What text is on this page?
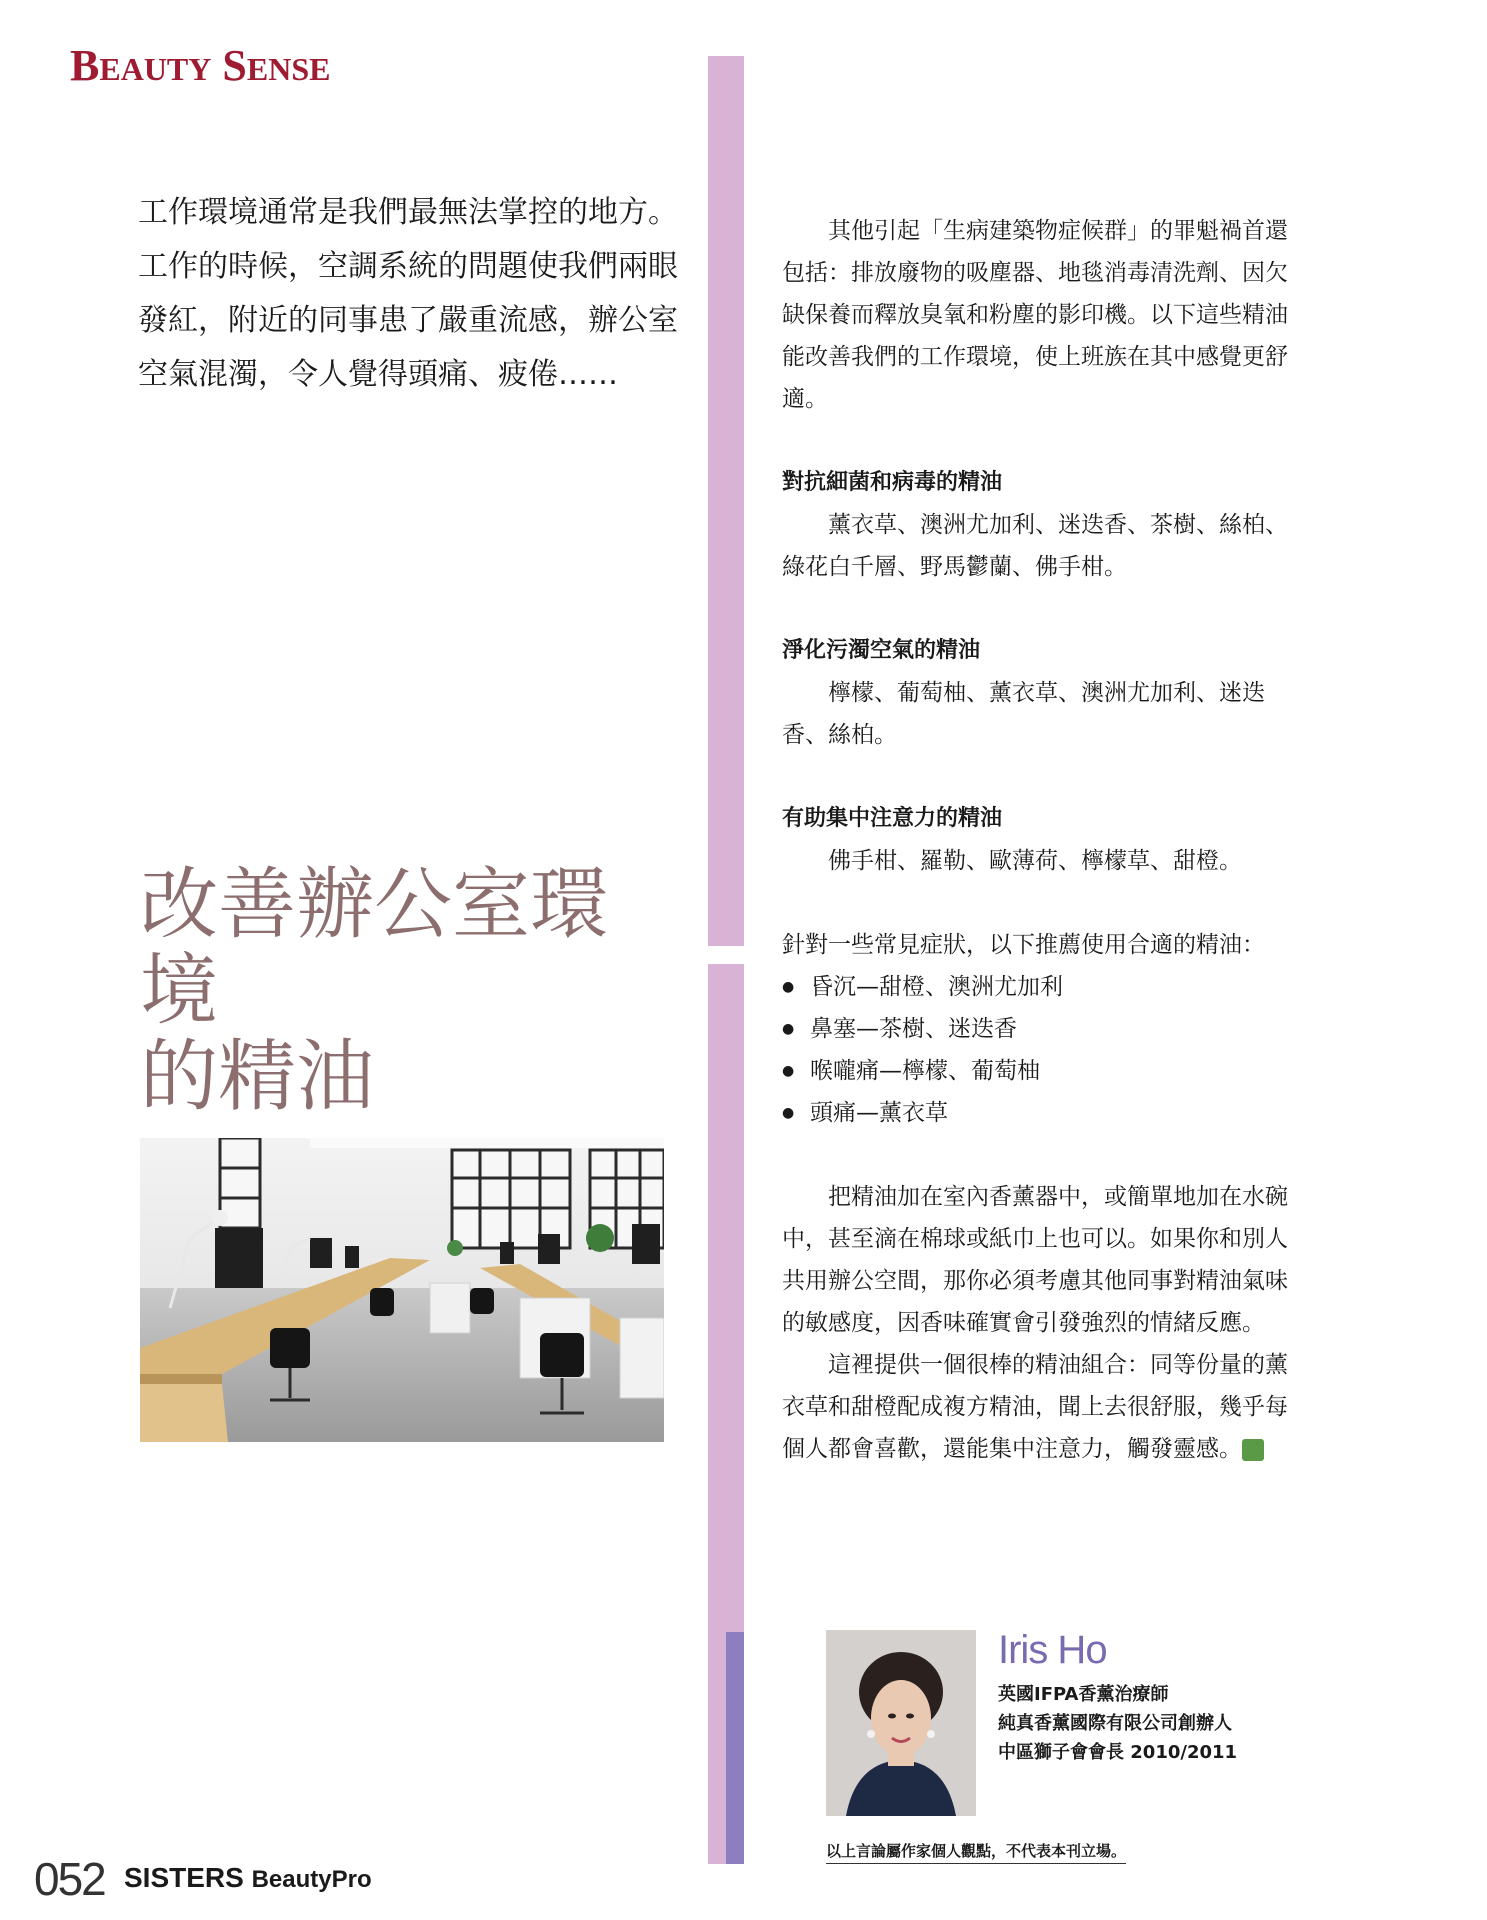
BEAUTY SENSE

工作環境通常是我們最無法掌控的地方。工作的時候，空調系統的問題使我們兩眼發紅，附近的同事患了嚴重流感，辦公室空氣混濁，令人覺得頭痛、疲倦……

改善辦公室環境
的精油

其他引起「生病建築物症候群」的罪魁禍首還包括：排放廢物的吸塵器、地毯消毒清洗劑、因欠缺保養而釋放臭氧和粉塵的影印機。以下這些精油能改善我們的工作環境，使上班族在其中感覺更舒適。

對抗細菌和病毒的精油

薰衣草、澳洲尤加利、迷迭香、茶樹、絲柏、綠花白千層、野馬鬱蘭、佛手柑。

淨化污濁空氣的精油

檸檬、葡萄柚、薰衣草、澳洲尤加利、迷迭香、絲柏。

有助集中注意力的精油

佛手柑、羅勒、歐薄荷、檸檬草、甜橙。

針對一些常見症狀，以下推薦使用合適的精油：

● 昏沉—甜橙、澳洲尤加利
● 鼻塞—茶樹、迷迭香
● 喉嚨痛—檸檬、葡萄柚
● 頭痛—薰衣草

把精油加在室內香薰器中，或簡單地加在水碗中，甚至滴在棉球或紙巾上也可以。如果你和別人共用辦公空間，那你必須考慮其他同事對精油氣味的敏感度，因香味確實會引發強烈的情緒反應。

這裡提供一個很棒的精油組合：同等份量的薰衣草和甜橙配成複方精油，聞上去很舒服，幾乎每個人都會喜歡，還能集中注意力，觸發靈感。	S

Iris Ho
英國IFPA香薰治療師
純真香薰國際有限公司創辦人
中區獅子會會長 2010/2011
以上言論屬作家個人觀點，不代表本刊立場。
052 SISTERS BeautyPro
